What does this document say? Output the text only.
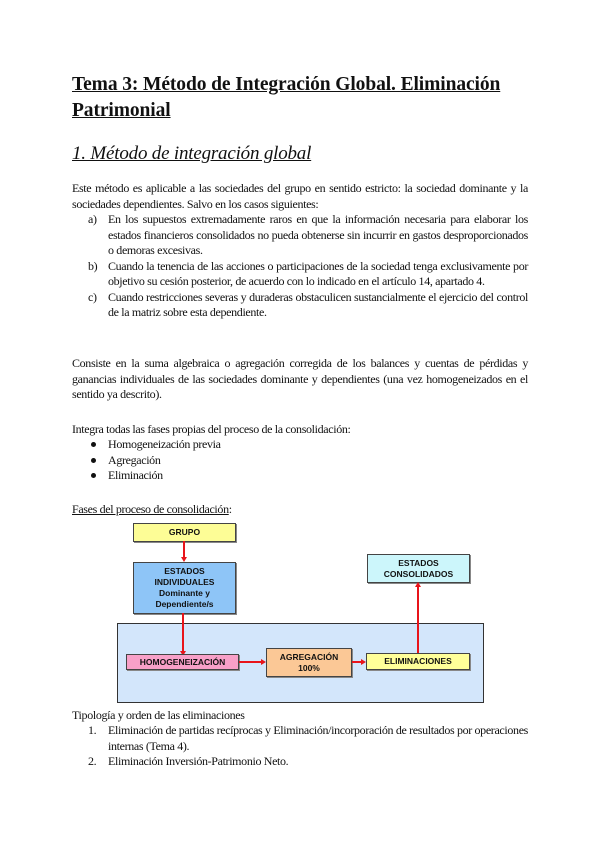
Tema 3: Método de Integración Global. Eliminación Patrimonial
1. Método de integración global
Este método es aplicable a las sociedades del grupo en sentido estricto: la sociedad dominante y la sociedades dependientes. Salvo en los casos siguientes:
a) En los supuestos extremadamente raros en que la información necesaria para elaborar los estados financieros consolidados no pueda obtenerse sin incurrir en gastos desproporcionados o demoras excesivas.
b) Cuando la tenencia de las acciones o participaciones de la sociedad tenga exclusivamente por objetivo su cesión posterior, de acuerdo con lo indicado en el artículo 14, apartado 4.
c) Cuando restricciones severas y duraderas obstaculicen sustancialmente el ejercicio del control de la matriz sobre esta dependiente.
Consiste en la suma algebraica o agregación corregida de los balances y cuentas de pérdidas y ganancias individuales de las sociedades dominante y dependientes (una vez homogeneizados en el sentido ya descrito).
Integra todas las fases propias del proceso de la consolidación:
Homogeneización previa
Agregación
Eliminación
Fases del proceso de consolidación:
GRUPO
ESTADOS
INDIVIDUALES
Dominante y
Dependiente/s
ESTADOS
CONSOLIDADOS
HOMOGENEIZACIÓN	AGREGACIÓN
100%
ELIMINACIONES
Tipología y orden de las eliminaciones
1. Eliminación de partidas recíprocas y Eliminación/incorporación de resultados por operaciones internas (Tema 4).
2. Eliminación Inversión-Patrimonio Neto.
